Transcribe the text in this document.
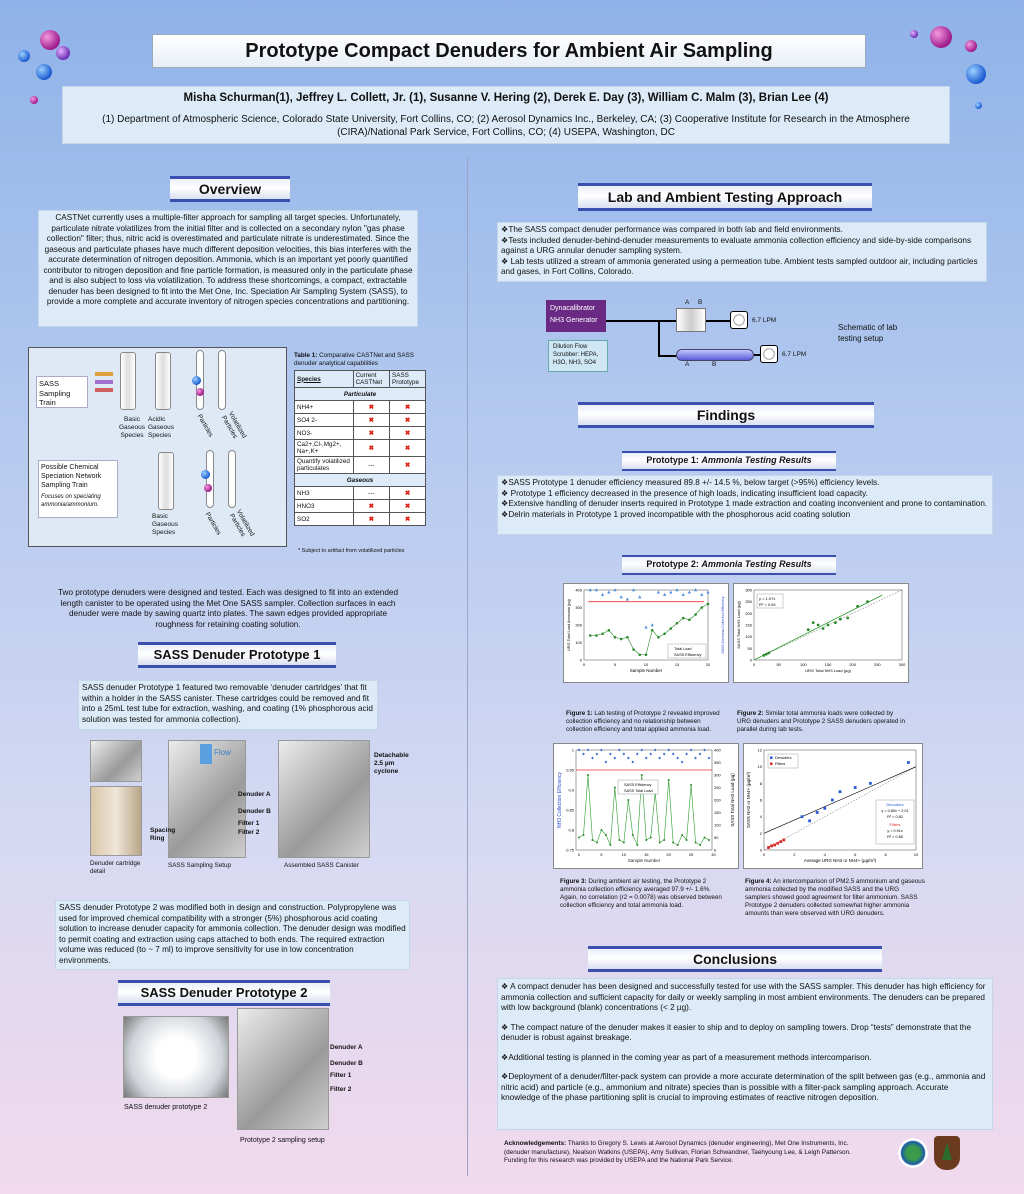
Prototype Compact Denuders for Ambient Air Sampling
Misha Schurman(1), Jeffrey L. Collett, Jr. (1), Susanne V. Hering (2), Derek E. Day (3), William C. Malm (3), Brian Lee (4)
(1) Department of Atmospheric Science, Colorado State University, Fort Collins, CO; (2) Aerosol Dynamics Inc., Berkeley, CA; (3) Cooperative Institute for Research in the Atmosphere (CIRA)/National Park Service, Fort Collins, CO; (4) USEPA, Washington, DC
Overview
CASTNet currently uses a multiple-filter approach for sampling all target species. Unfortunately, particulate nitrate volatilizes from the initial filter and is collected on a secondary nylon "gas phase collection" filter; thus, nitric acid is overestimated and particulate nitrate is underestimated. Since the gaseous and particulate phases have much different deposition velocities, this bias interferes with the accurate determination of nitrogen deposition. Ammonia, which is an important yet poorly quantified contributor to nitrogen deposition and fine particle formation, is measured only in the particulate phase and is also subject to loss via volatilization. To address these shortcomings, a compact, extractable denuder has been designed to fit into the Met One, Inc. Speciation Air Sampling System (SASS), to provide a more complete and accurate inventory of nitrogen species concentrations and partitioning.
SASS Sampling Train
Possible Chemical Speciation Network Sampling Train
Focuses on speciating ammonia/ammonium.
Basic Gaseous Species
Acidic Gaseous Species	Particles	Volatilized Particles
Basic Gaseous Species	Particles	Volatilized Particles
Table 1: Comparative CASTNet and SASS denuder analytical capabilities
Species	Current CASTNet	SASS Prototype
Particulate		
NH4+	✖	✖
SO4 2-	✖	✖
NO3-	✖	✖
Ca2+,Cl-,Mg2+, Na+,K+	✖	✖
Quantify volatilized particulates	---	✖
Gaseous		
NH3	---	✖
HNO3	✖	✖
SO2	✖	✖
* Subject to artifact from volatilized particles
Two prototype denuders were designed and tested. Each was designed to fit into an extended length canister to be operated using the Met One SASS sampler. Collection surfaces in each denuder were made by sawing quartz into plates. The sawn edges provided appropriate roughness for retaining coating solution.
SASS Denuder Prototype 1
SASS denuder Prototype 1 featured two removable ‘denuder cartridges’ that fit within a holder in the SASS canister. These cartridges could be removed and fit into a 25mL test tube for extraction, washing, and coating (1% phosphorous acid solution was tested for ammonia collection).
Denuder cartridge detail
Flow
Denuder A
Denuder B
Filter 1
Filter 2
Spacing Ring
SASS Sampling Setup
Detachable 2.5 µm cyclone
Assembled SASS Canister
SASS denuder Prototype 2 was modified both in design and construction. Polypropylene was used for improved chemical compatibility with a stronger (5%) phosphorous acid coating solution to increase denuder capacity for ammonia collection. The denuder design was modified to permit coating and extraction using caps attached to both ends. The required extraction volume was reduced (to ~ 7 ml) to improve sensitivity for use in low concentration environments.
SASS Denuder Prototype 2
SASS denuder prototype 2
Denuder A
Denuder B
Filter 1
Filter 2
Prototype 2 sampling setup
Lab and Ambient Testing Approach
❖The SASS compact denuder performance was compared in both lab and field environments.
❖Tests included denuder-behind-denuder measurements to evaluate ammonia collection efficiency and side-by-side comparisons against a URG annular denuder sampling system.
❖ Lab tests utilized a stream of ammonia generated using a permeation tube. Ambient tests sampled outdoor air, including particles and gases, in Fort Collins, Colorado.
Dynacalibrator
NH3 Generator
Dilution Flow Scrubber: HEPA, H3O, NH3, SO4
6.7 LPM
6.7 LPM
A B
A	B
Schematic of lab testing setup
Findings
Prototype 1: Ammonia Testing Results
❖SASS Prototype 1 denuder efficiency measured 89.8 +/- 14.5 %, below target (>95%) efficiency levels.
❖ Prototype 1 efficiency decreased in the presence of high loads, indicating insufficient load capacity.
❖Extensive handling of denuder inserts required in Prototype 1 made extraction and coating inconvenient and prone to contamination.
❖Delrin materials in Prototype 1 proved incompatible with the phosphorous acid coating solution
Prototype 2: Ammonia Testing Results
0	5	10	15	20
0
100
200
300
400
Sample Number
URG Total Load Ammonia (µg)	SASS Ammonia Collection Efficiency
Total Load
SASS Efficiency
0
0
50
50
100
100
150
150
200
200
250
250
300
300
y = 1.07x
R² = 0.94
URG Total NH3 Load (µg)
SASS Total NH3 Load (µg)
Figure 1: Lab testing of Prototype 2 revealed improved collection efficiency and no relationship between collection efficiency and total applied ammonia load.
Figure 2: Similar total ammonia loads were collected by URG denuders and Prototype 2 SASS denuders operated in parallel during lab tests.
0	5	10	15	20	25	30
0.75
0.8
0.85
0.9
0.95
1
0
50
100
150
200
250
300
350
400
SASS Efficiency
SASS Total Load
Sample Number
NH3 Collection Efficiency	SASS Total NH3 Load (µg)
0	2	4	6	8	10
0
2
4
6
8
10
12
Denuders
Filters
Denuders
y = 0.80x + 2.01
R² = 0.82
Filters
y = 0.91x
R² = 0.85
Average URG NH3 or NH4+ (µg/m³)
SASS NH3 or NH4+ (µg/m³)
Figure 3: During ambient air testing, the Prototype 2 ammonia collection efficiency averaged 97.9 +/- 1.6%. Again, no correlation (r2 = 0.0078) was observed between collection efficiency and total ammonia load.
Figure 4: An intercomparison of PM2.5 ammonium and gaseous ammonia collected by the modified SASS and the URG samplers showed good agreement for filter ammonium. SASS Prototype 2 denuders collected somewhat higher ammonia amounts than were observed with URG denuders.
Conclusions
❖ A compact denuder has been designed and successfully tested for use with the SASS sampler. This denuder has high efficiency for ammonia collection and sufficient capacity for daily or weekly sampling in most ambient environments. The denuders can be prepared with low background (blank) concentrations (< 2 µg).
❖ The compact nature of the denuder makes it easier to ship and to deploy on sampling towers. Drop “tests” demonstrate that the denuder is robust against breakage.
❖Additional testing is planned in the coming year as part of a measurement methods intercomparison.
❖Deployment of a denuder/filter-pack system can provide a more accurate determination of the split between gas (e.g., ammonia and nitric acid) and particle (e.g., ammonium and nitrate) species than is possible with a filter-pack sampling approach. Accurate knowledge of the phase partitioning split is crucial to improving estimates of reactive nitrogen deposition.
Acknowledgements: Thanks to Gregory S. Lewis at Aerosol Dynamics (denuder engineering), Met One Instruments, Inc. (denuder manufacture), Nealson Watkins (USEPA), Amy Sullivan, Florian Schwandner, Taehyoung Lee, & Leigh Patterson. Funding for this research was provided by USEPA and the National Park Service.
